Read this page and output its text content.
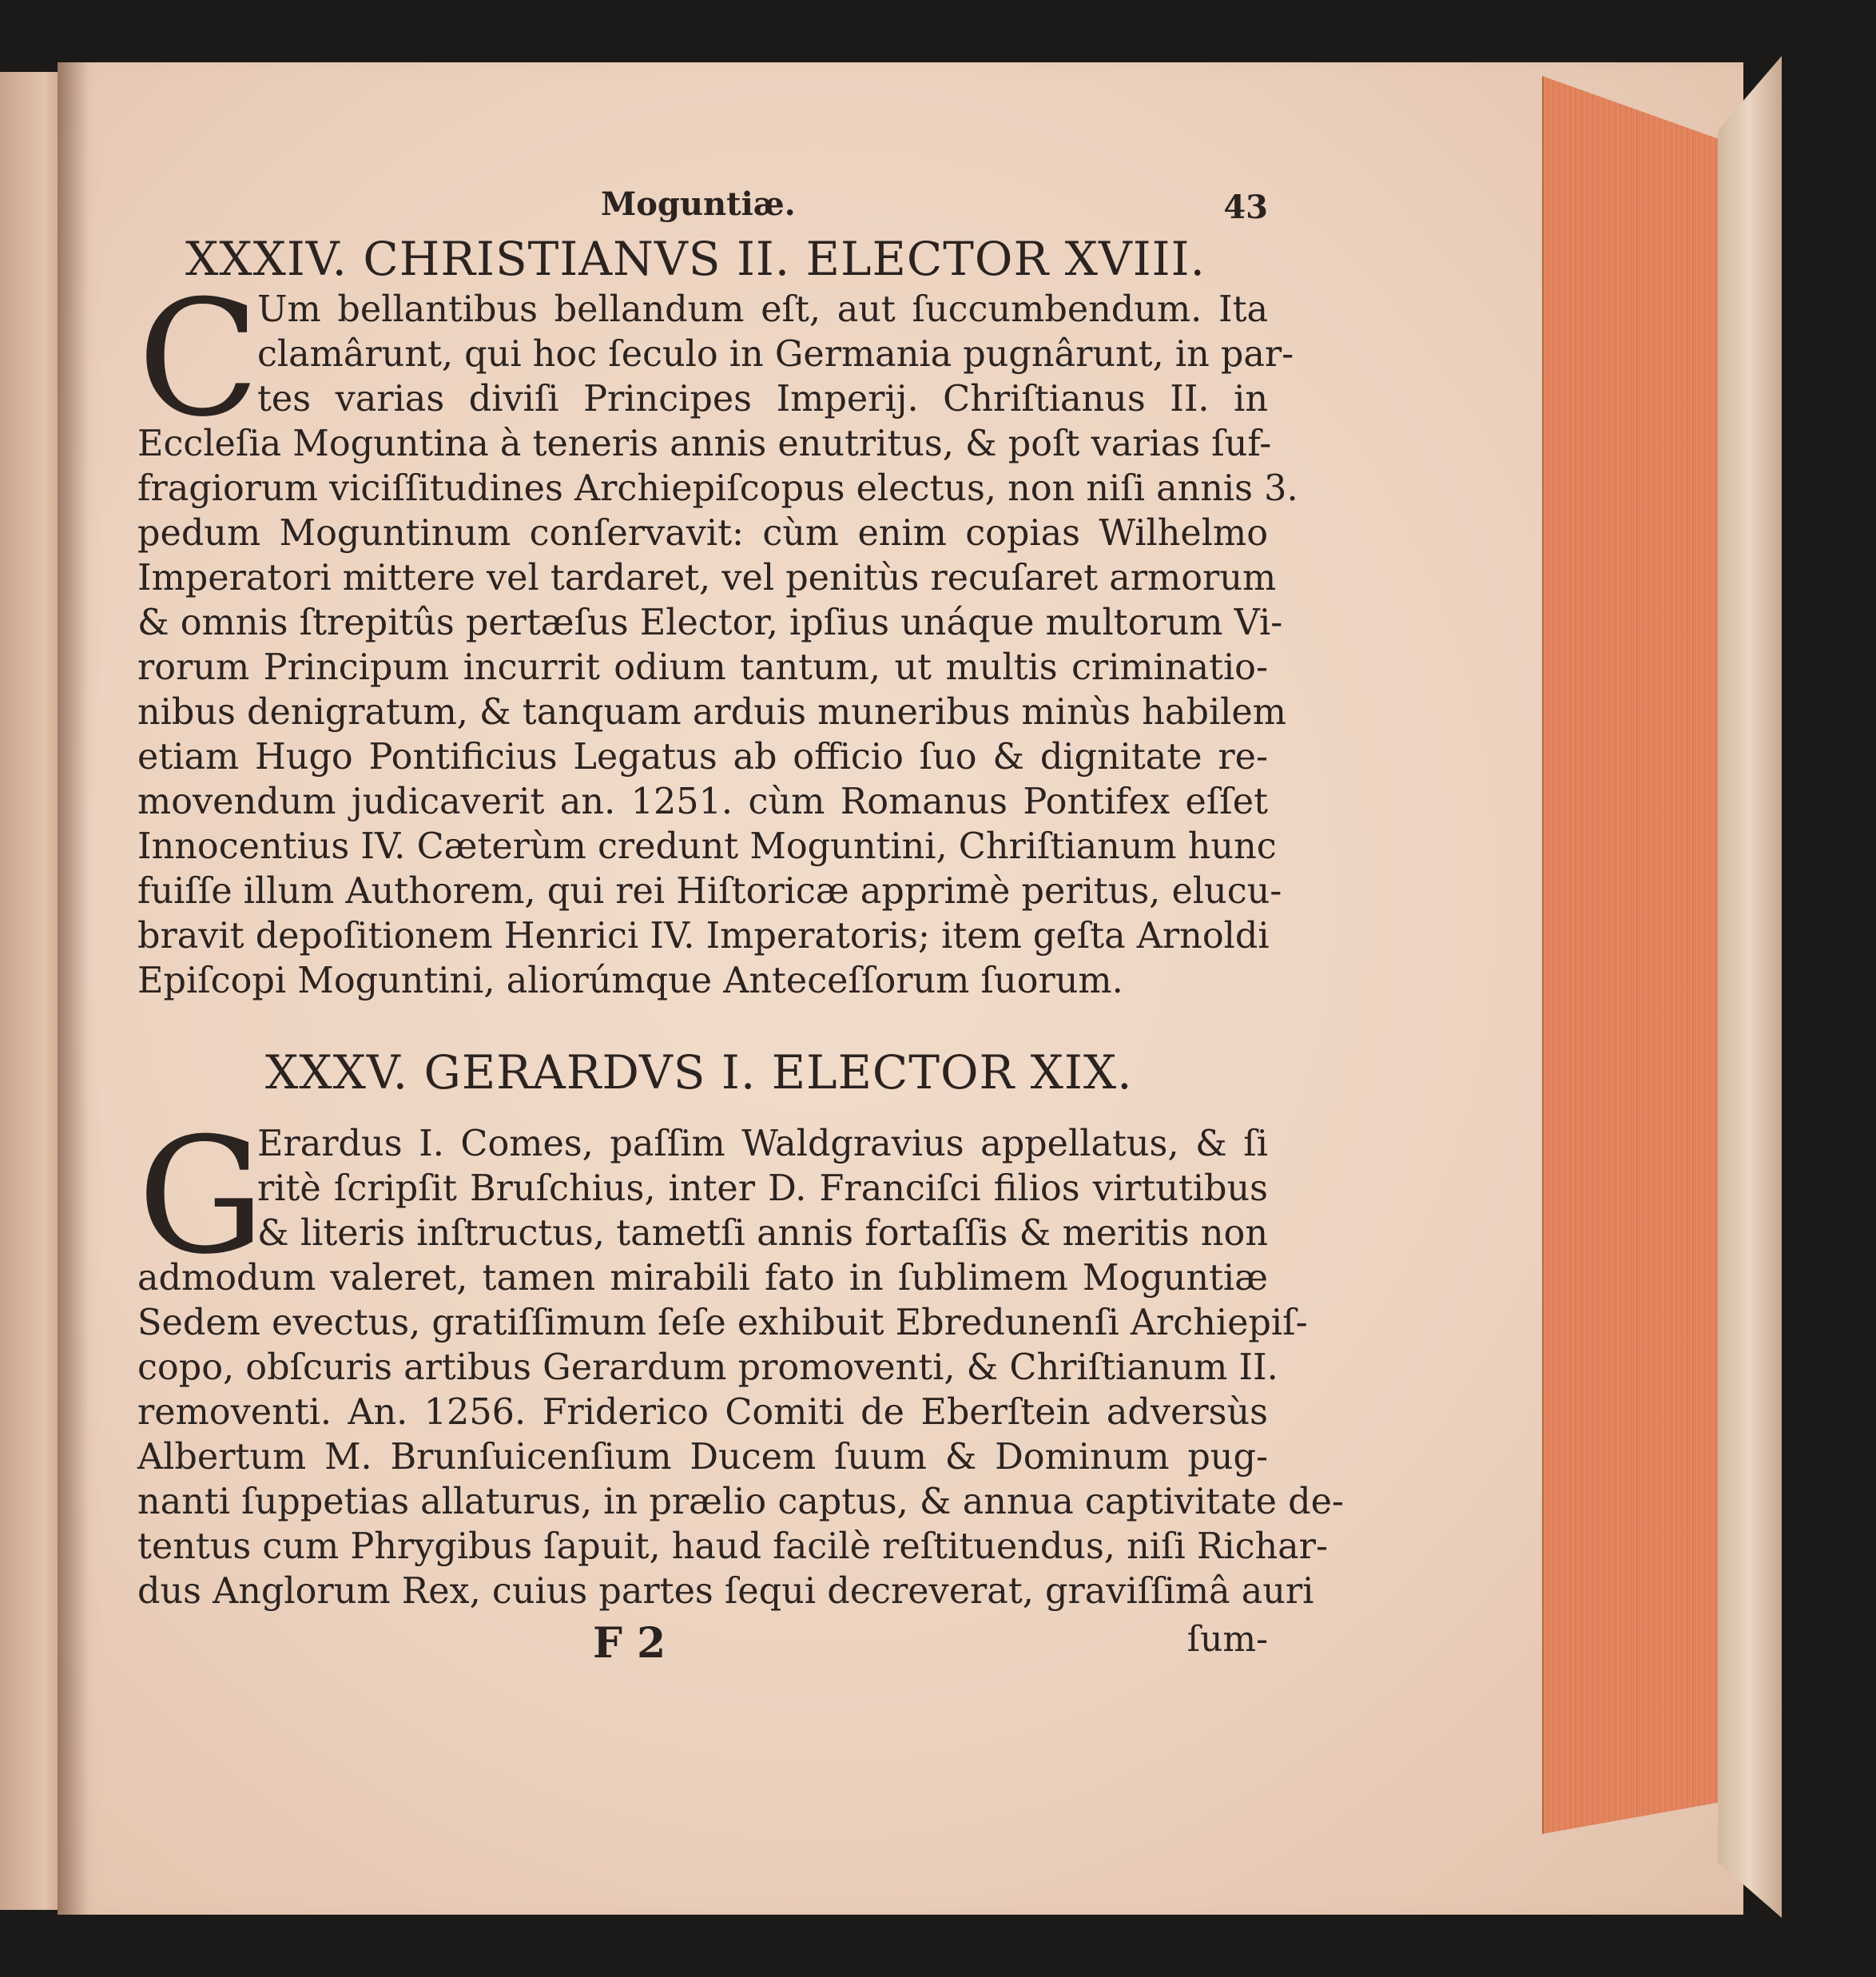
Moguntiæ.	43
XXXIV. CHRISTIANVS II. ELECTOR XVIII.
C
Um bellantibus bellandum eſt, aut ſuccumbendum. Ita
clamârunt, qui hoc ſeculo in Germania pugnârunt, in par-
tes varias diviſi Principes Imperij. Chriſtianus II. in
Eccleſia Moguntina à teneris annis enutritus, & poſt varias ſuf-
fragiorum viciſſitudines Archiepiſcopus electus, non niſi annis 3.
pedum Moguntinum conſervavit: cùm enim copias Wilhelmo
Imperatori mittere vel tardaret, vel penitùs recuſaret armorum
& omnis ſtrepitûs pertæſus Elector, ipſius unáque multorum Vi-
rorum Principum incurrit odium tantum, ut multis criminatio-
nibus denigratum, & tanquam arduis muneribus minùs habilem
etiam Hugo Pontificius Legatus ab officio ſuo & dignitate re-
movendum judicaverit an. 1251. cùm Romanus Pontifex eſſet
Innocentius IV. Cæterùm credunt Moguntini, Chriſtianum hunc
fuiſſe illum Authorem, qui rei Hiſtoricæ apprimè peritus, elucu-
bravit depoſitionem Henrici IV. Imperatoris; item geſta Arnoldi
Epiſcopi Moguntini, aliorúmque Anteceſſorum ſuorum.
XXXV. GERARDVS I. ELECTOR XIX.
G
Erardus I. Comes, paſſim Waldgravius appellatus, & ſi
ritè ſcripſit Bruſchius, inter D. Franciſci filios virtutibus
& literis inſtructus, tametſi annis fortaſſis & meritis non
admodum valeret, tamen mirabili fato in ſublimem Moguntiæ
Sedem evectus, gratiſſimum ſeſe exhibuit Ebredunenſi Archiepiſ-
copo, obſcuris artibus Gerardum promoventi, & Chriſtianum II.
removenti. An. 1256. Friderico Comiti de Eberſtein adversùs
Albertum M. Brunſuicenſium Ducem ſuum & Dominum pug-
nanti ſuppetias allaturus, in prælio captus, & annua captivitate de-
tentus cum Phrygibus ſapuit, haud facilè reſtituendus, niſi Richar-
dus Anglorum Rex, cuius partes ſequi decreverat, graviſſimâ auri
F 2	ſum-
